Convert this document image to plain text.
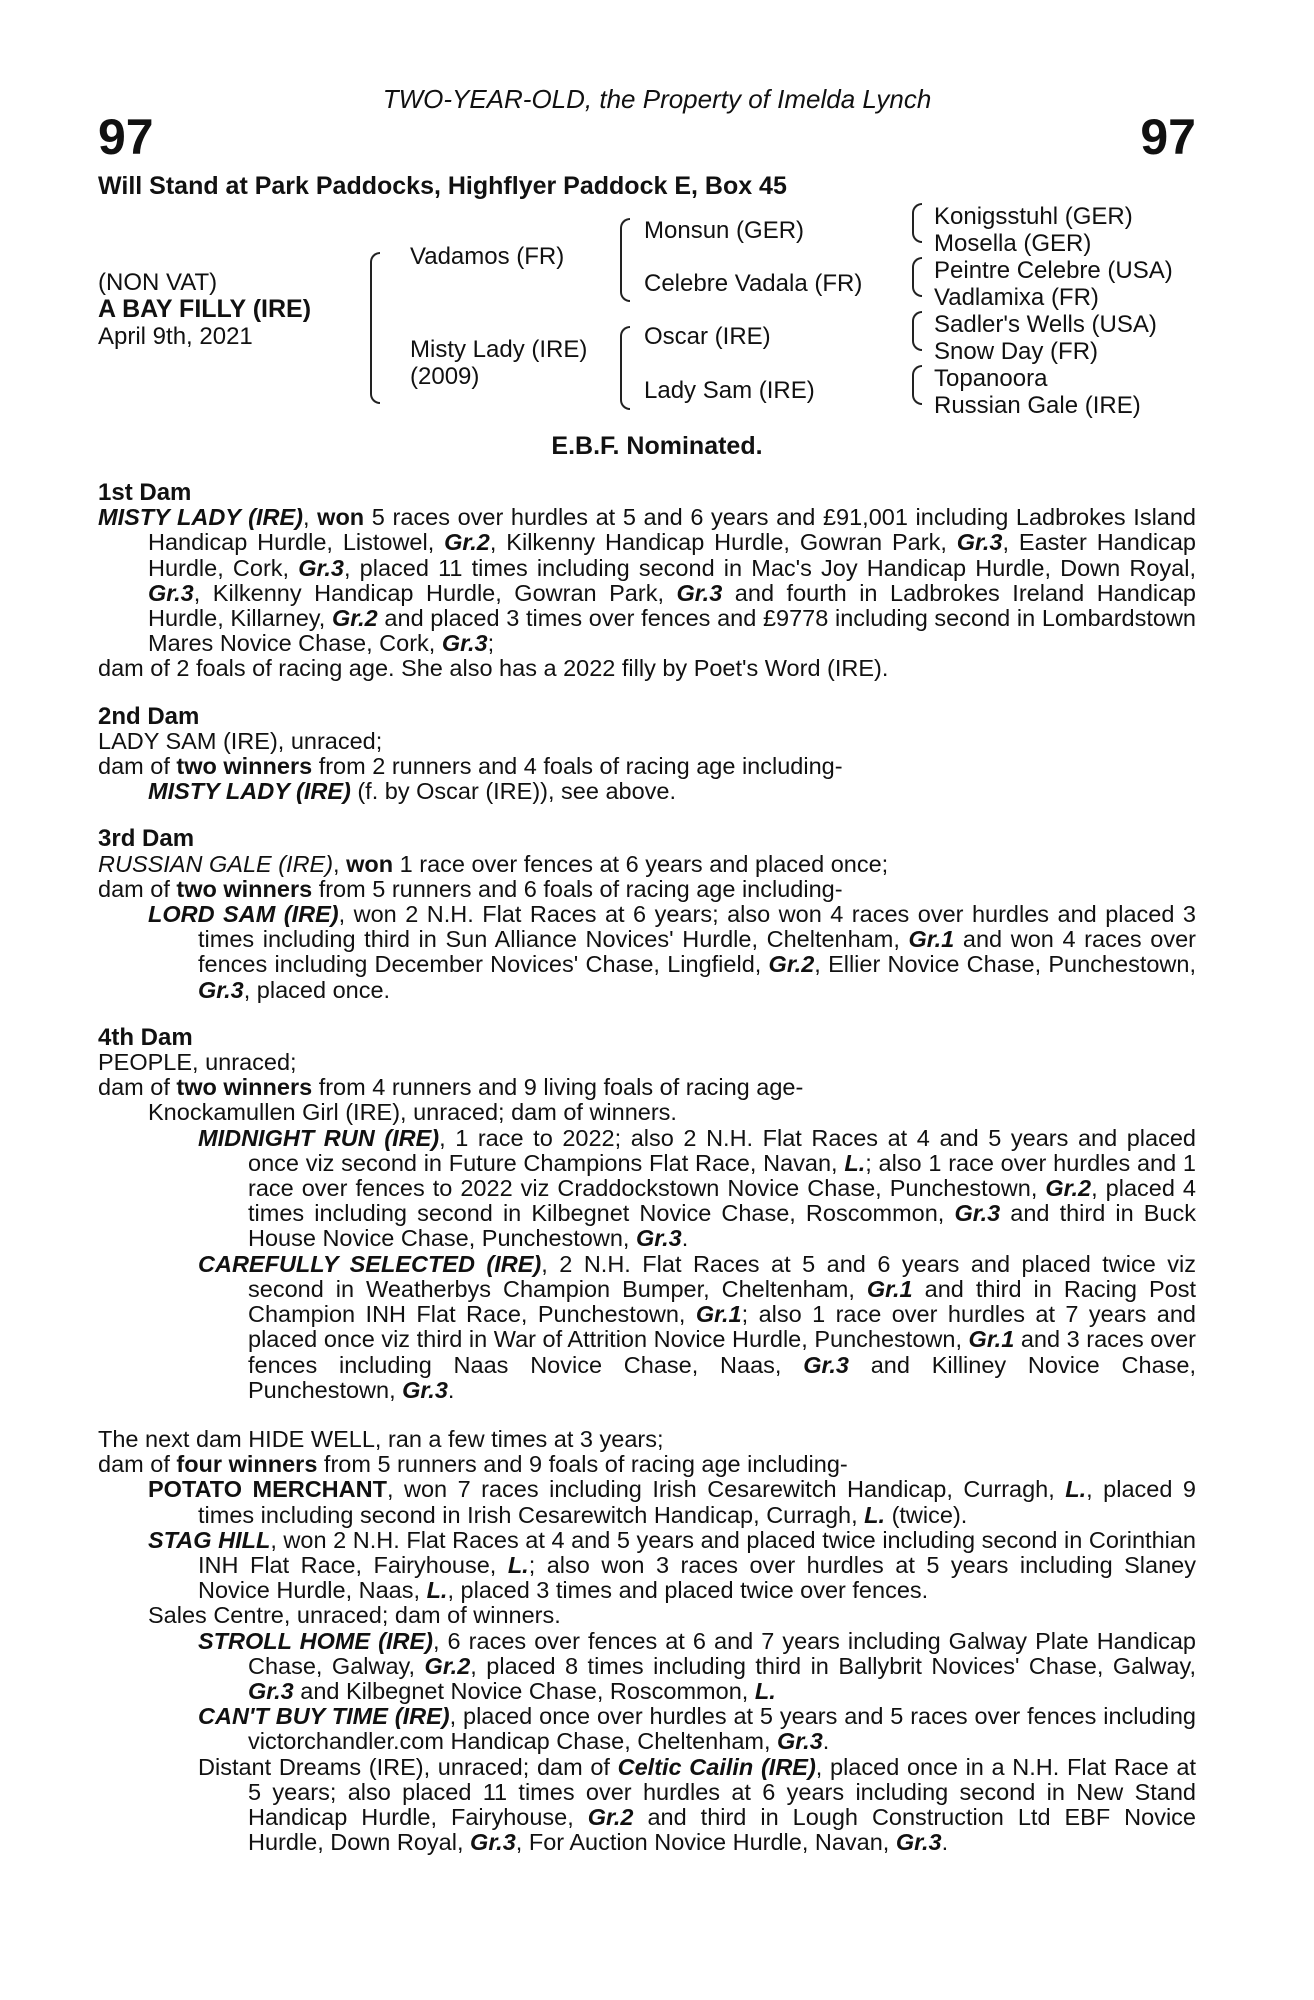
TWO-YEAR-OLD, the Property of Imelda Lynch
97	97
Will Stand at Park Paddocks, Highflyer Paddock E, Box 45
(NON VAT)
A BAY FILLY (IRE)
April 9th, 2021
Vadamos (FR)
Misty Lady (IRE)
(2009)
Monsun (GER)
Celebre Vadala (FR)
Oscar (IRE)
Lady Sam (IRE)
Konigsstuhl (GER)
Mosella (GER)
Peintre Celebre (USA)
Vadlamixa (FR)
Sadler's Wells (USA)
Snow Day (FR)
Topanoora
Russian Gale (IRE)
E.B.F. Nominated.
1st Dam

MISTY LADY (IRE), won 5 races over hurdles at 5 and 6 years and £91,001 including Ladbrokes Island Handicap Hurdle, Listowel, Gr.2, Kilkenny Handicap Hurdle, Gowran Park, Gr.3, Easter Handicap Hurdle, Cork, Gr.3, placed 11 times including second in Mac's Joy Handicap Hurdle, Down Royal, Gr.3, Kilkenny Handicap Hurdle, Gowran Park, Gr.3 and fourth in Ladbrokes Ireland Handicap Hurdle, Killarney, Gr.2 and placed 3 times over fences and £9778 including second in Lombardstown Mares Novice Chase, Cork, Gr.3;

dam of 2 foals of racing age. She also has a 2022 filly by Poet's Word (IRE).

2nd Dam

LADY SAM (IRE), unraced;
dam of two winners from 2 runners and 4 foals of racing age including-

MISTY LADY (IRE) (f. by Oscar (IRE)), see above.

3rd Dam

RUSSIAN GALE (IRE), won 1 race over fences at 6 years and placed once;
dam of two winners from 5 runners and 6 foals of racing age including-

LORD SAM (IRE), won 2 N.H. Flat Races at 6 years; also won 4 races over hurdles and placed 3 times including third in Sun Alliance Novices' Hurdle, Cheltenham, Gr.1 and won 4 races over fences including December Novices' Chase, Lingfield, Gr.2, Ellier Novice Chase, Punchestown, Gr.3, placed once.

4th Dam

PEOPLE, unraced;
dam of two winners from 4 runners and 9 living foals of racing age-

Knockamullen Girl (IRE), unraced; dam of winners.

MIDNIGHT RUN (IRE), 1 race to 2022; also 2 N.H. Flat Races at 4 and 5 years and placed once viz second in Future Champions Flat Race, Navan, L.; also 1 race over hurdles and 1 race over fences to 2022 viz Craddockstown Novice Chase, Punchestown, Gr.2, placed 4 times including second in Kilbegnet Novice Chase, Roscommon, Gr.3 and third in Buck House Novice Chase, Punchestown, Gr.3.

CAREFULLY SELECTED (IRE), 2 N.H. Flat Races at 5 and 6 years and placed twice viz second in Weatherbys Champion Bumper, Cheltenham, Gr.1 and third in Racing Post Champion INH Flat Race, Punchestown, Gr.1; also 1 race over hurdles at 7 years and placed once viz third in War of Attrition Novice Hurdle, Punchestown, Gr.1 and 3 races over fences including Naas Novice Chase, Naas, Gr.3 and Killiney Novice Chase, Punchestown, Gr.3.

The next dam HIDE WELL, ran a few times at 3 years;
dam of four winners from 5 runners and 9 foals of racing age including-

POTATO MERCHANT, won 7 races including Irish Cesarewitch Handicap, Curragh, L., placed 9 times including second in Irish Cesarewitch Handicap, Curragh, L. (twice).

STAG HILL, won 2 N.H. Flat Races at 4 and 5 years and placed twice including second in Corinthian INH Flat Race, Fairyhouse, L.; also won 3 races over hurdles at 5 years including Slaney Novice Hurdle, Naas, L., placed 3 times and placed twice over fences.

Sales Centre, unraced; dam of winners.

STROLL HOME (IRE), 6 races over fences at 6 and 7 years including Galway Plate Handicap Chase, Galway, Gr.2, placed 8 times including third in Ballybrit Novices' Chase, Galway, Gr.3 and Kilbegnet Novice Chase, Roscommon, L.

CAN'T BUY TIME (IRE), placed once over hurdles at 5 years and 5 races over fences including victorchandler.com Handicap Chase, Cheltenham, Gr.3.

Distant Dreams (IRE), unraced; dam of Celtic Cailin (IRE), placed once in a N.H. Flat Race at 5 years; also placed 11 times over hurdles at 6 years including second in New Stand Handicap Hurdle, Fairyhouse, Gr.2 and third in Lough Construction Ltd EBF Novice Hurdle, Down Royal, Gr.3, For Auction Novice Hurdle, Navan, Gr.3.
